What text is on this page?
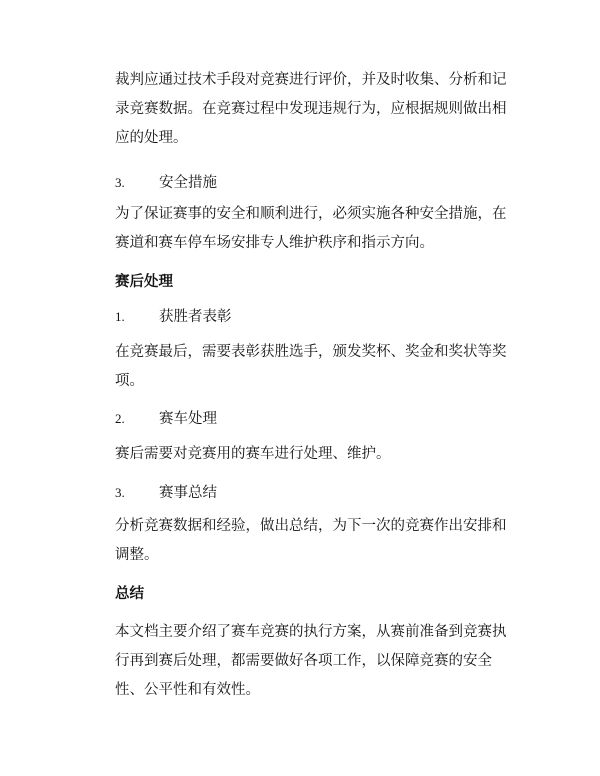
裁判应通过技术手段对竞赛进行评价，并及时收集、分析和记录竞赛数据。在竞赛过程中发现违规行为，应根据规则做出相应的处理。

3.	安全措施

为了保证赛事的安全和顺利进行，必须实施各种安全措施，在赛道和赛车停车场安排专人维护秩序和指示方向。

赛后处理
1.	获胜者表彰

在竞赛最后，需要表彰获胜选手，颁发奖杯、奖金和奖状等奖项。

2.	赛车处理

赛后需要对竞赛用的赛车进行处理、维护。

3.	赛事总结

分析竞赛数据和经验，做出总结，为下一次的竞赛作出安排和调整。

总结

本文档主要介绍了赛车竞赛的执行方案，从赛前准备到竞赛执行再到赛后处理，都需要做好各项工作，以保障竞赛的安全性、公平性和有效性。
